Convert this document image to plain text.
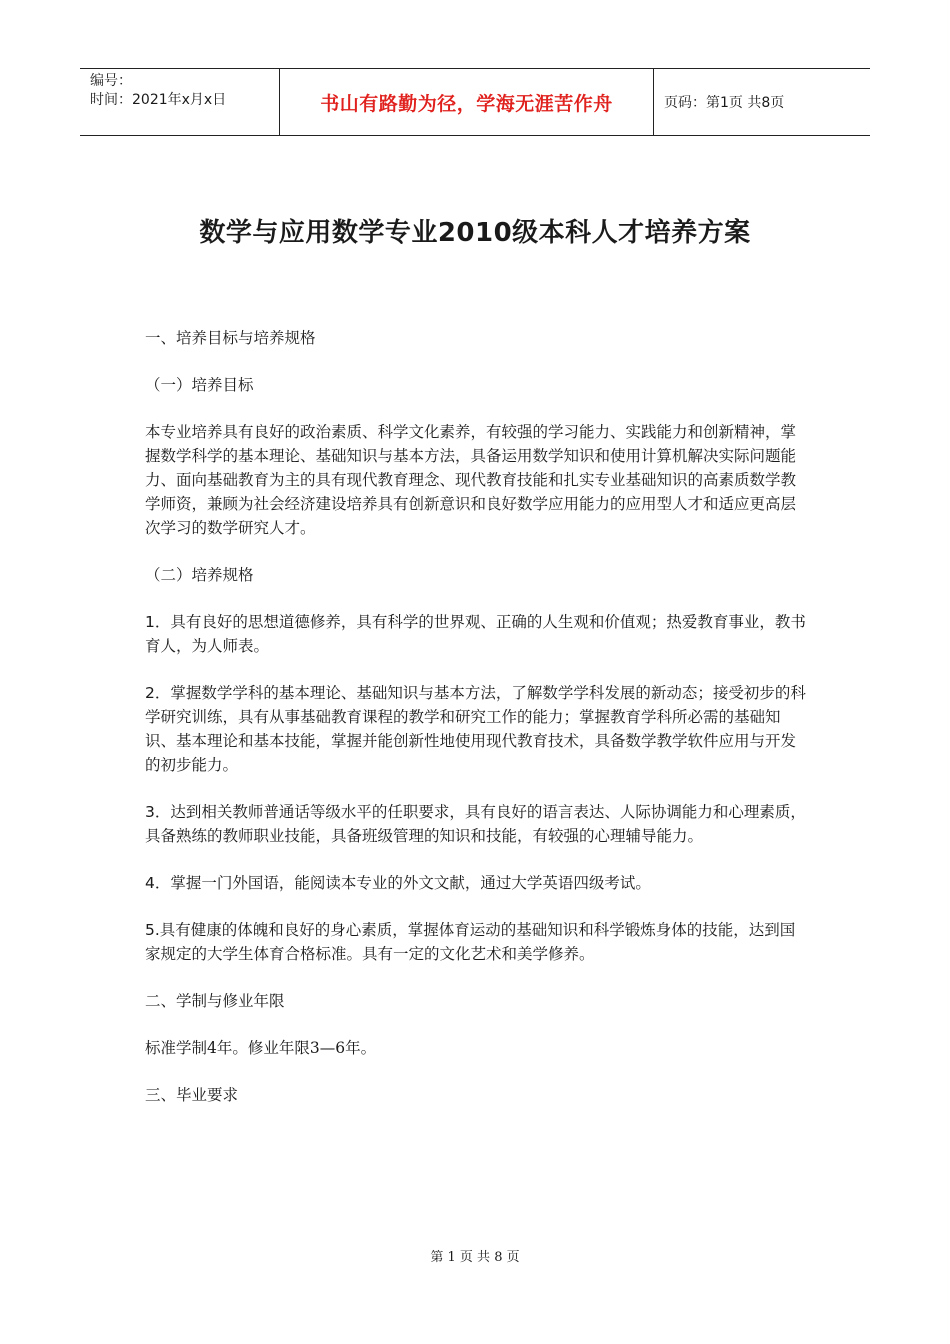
编号：
时间：2021年x月x日	书山有路勤为径，学海无涯苦作舟	页码：第1页 共8页
数学与应用数学专业2010级本科人才培养方案

一、培养目标与培养规格

（一）培养目标

本专业培养具有良好的政治素质、科学文化素养，有较强的学习能力、实践能力和创新精神，掌握数学科学的基本理论、基础知识与基本方法，具备运用数学知识和使用计算机解决实际问题能力、面向基础教育为主的具有现代教育理念、现代教育技能和扎实专业基础知识的高素质数学教学师资，兼顾为社会经济建设培养具有创新意识和良好数学应用能力的应用型人才和适应更高层次学习的数学研究人才。

（二）培养规格

1．具有良好的思想道德修养，具有科学的世界观、正确的人生观和价值观；热爱教育事业，教书育人，为人师表。

2．掌握数学学科的基本理论、基础知识与基本方法，了解数学学科发展的新动态；接受初步的科学研究训练，具有从事基础教育课程的教学和研究工作的能力；掌握教育学科所必需的基础知识、基本理论和基本技能，掌握并能创新性地使用现代教育技术，具备数学教学软件应用与开发的初步能力。

3．达到相关教师普通话等级水平的任职要求，具有良好的语言表达、人际协调能力和心理素质，具备熟练的教师职业技能，具备班级管理的知识和技能，有较强的心理辅导能力。

4．掌握一门外国语，能阅读本专业的外文文献，通过大学英语四级考试。

5.具有健康的体魄和良好的身心素质，掌握体育运动的基础知识和科学锻炼身体的技能，达到国家规定的大学生体育合格标准。具有一定的文化艺术和美学修养。

二、学制与修业年限

标准学制4年。修业年限3—6年。

三、毕业要求

第 1 页 共 8 页
